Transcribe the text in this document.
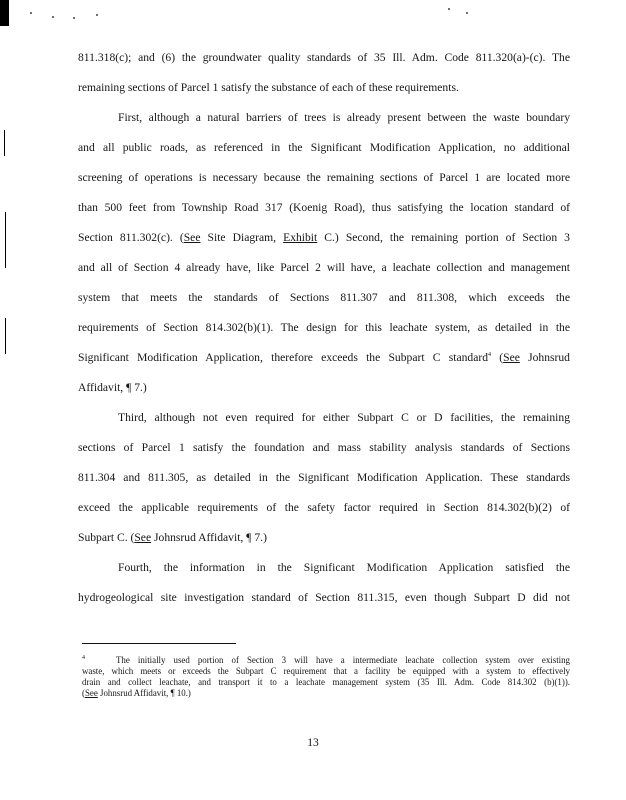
811.318(c); and (6) the groundwater quality standards of 35 Ill. Adm. Code 811.320(a)-(c). The
remaining sections of Parcel 1 satisfy the substance of each of these requirements.
First, although a natural barriers of trees is already present between the waste boundary
and all public roads, as referenced in the Significant Modification Application, no additional
screening of operations is necessary because the remaining sections of Parcel 1 are located more
than 500 feet from Township Road 317 (Koenig Road), thus satisfying the location standard of
Section 811.302(c). (See Site Diagram, Exhibit C.) Second, the remaining portion of Section 3
and all of Section 4 already have, like Parcel 2 will have, a leachate collection and management
system that meets the standards of Sections 811.307 and 811.308, which exceeds the
requirements of Section 814.302(b)(1). The design for this leachate system, as detailed in the
Significant Modification Application, therefore exceeds the Subpart C standard$^4$ (See Johnsrud
Affidavit, ¶ 7.)
Third, although not even required for either Subpart C or D facilities, the remaining
sections of Parcel 1 satisfy the foundation and mass stability analysis standards of Sections
811.304 and 811.305, as detailed in the Significant Modification Application. These standards
exceed the applicable requirements of the safety factor required in Section 814.302(b)(2) of
Subpart C. (See Johnsrud Affidavit, ¶ 7.)
Fourth, the information in the Significant Modification Application satisfied the
hydrogeological site investigation standard of Section 811.315, even though Subpart D did not
4	The initially used portion of Section 3 will have a intermediate leachate collection system over existing
waste, which meets or exceeds the Subpart C requirement that a facility be equipped with a system to effectively
drain and collect leachate, and transport it to a leachate management system (35 Ill. Adm. Code 814.302 (b)(1)).
(See Johnsrud Affidavit, ¶ 10.)
13
